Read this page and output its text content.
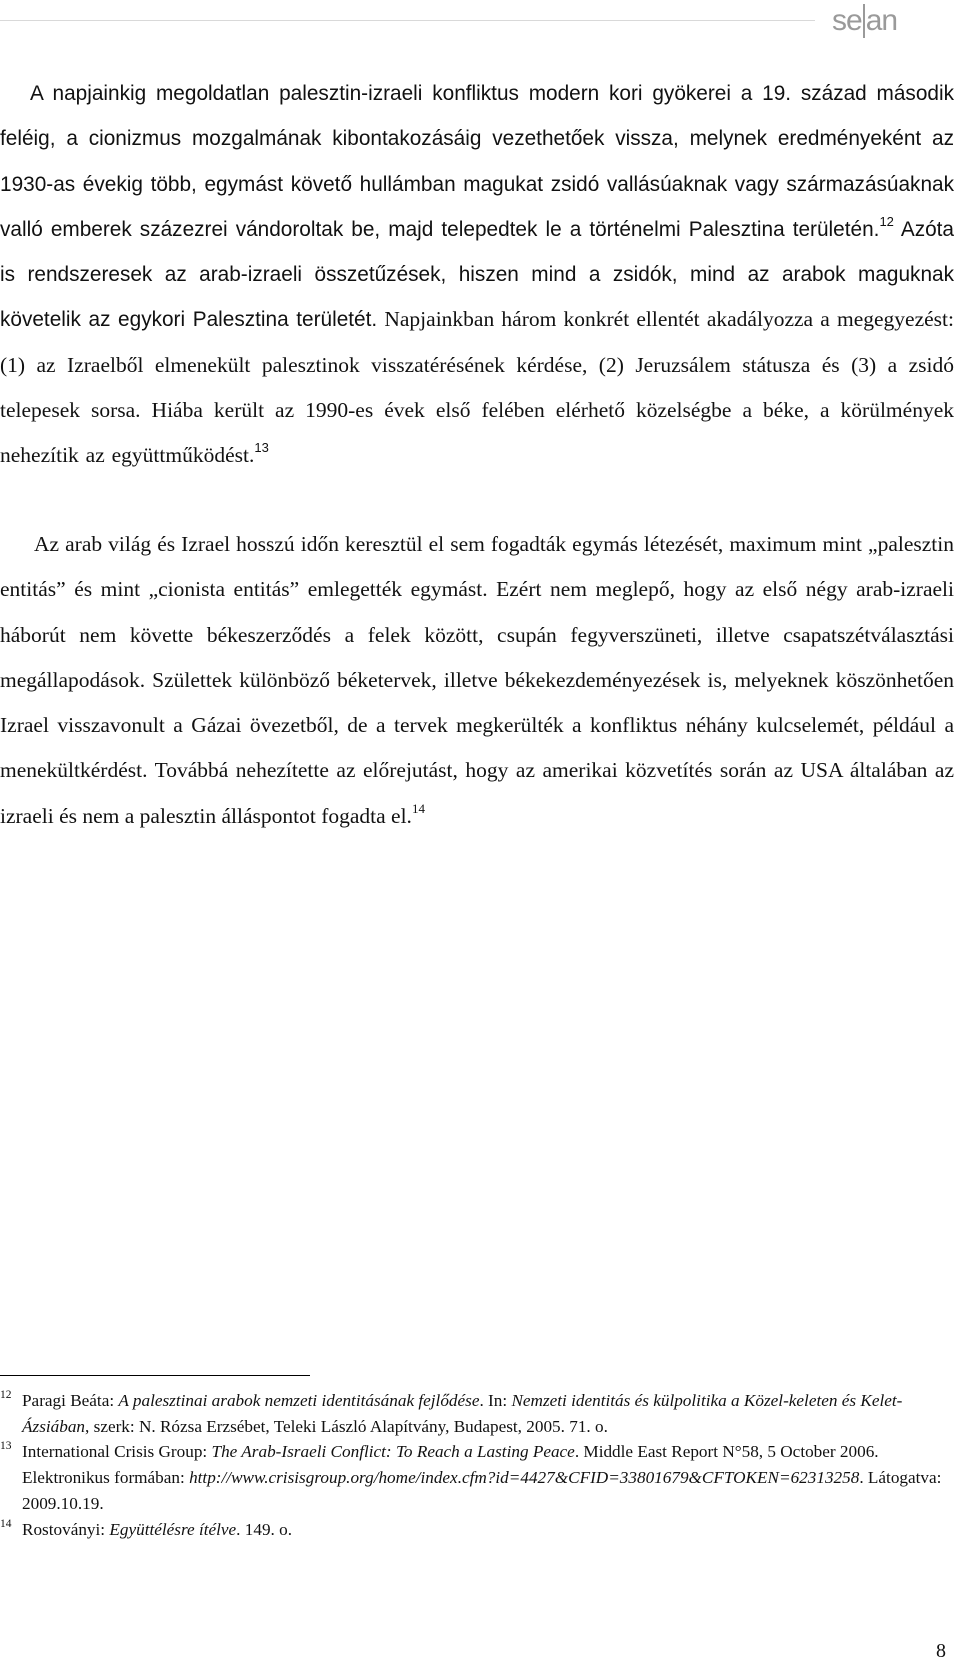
se an

A napjainkig megoldatlan palesztin-izraeli konfliktus modern kori gyökerei a 19. század második feléig, a cionizmus mozgalmának kibontakozásáig vezethetőek vissza, melynek eredményeként az 1930-as évekig több, egymást követő hullámban magukat zsidó vallásúaknak vagy származásúaknak valló emberek százezrei vándoroltak be, majd telepedtek le a történelmi Palesztina területén.$^{12}$ Azóta is rendszeresek az arab-izraeli összetűzések, hiszen mind a zsidók, mind az arabok maguknak követelik az egykori Palesztina területét. Napjainkban három konkrét ellentét akadályozza a megegyezést: (1) az Izraelből elmenekült palesztinok visszatérésének kérdése, (2) Jeruzsálem státusza és (3) a zsidó telepesek sorsa. Hiába került az 1990-es évek első felében elérhető közelségbe a béke, a körülmények nehezítik az együttműködést.$^{13}$

Az arab világ és Izrael hosszú időn keresztül el sem fogadták egymás létezését, maximum mint „palesztin entitás” és mint „cionista entitás” emlegették egymást. Ezért nem meglepő, hogy az első négy arab-izraeli háborút nem követte békeszerződés a felek között, csupán fegyverszüneti, illetve csapatszétválasztási megállapodások. Születtek különböző béketervek, illetve békekezdeményezések is, melyeknek köszönhetően Izrael visszavonult a Gázai övezetből, de a tervek megkerülték a konfliktus néhány kulcselemét, például a menekültkérdést. Továbbá nehezítette az előrejutást, hogy az amerikai közvetítés során az USA általában az izraeli és nem a palesztin álláspontot fogadta el.$^{14}$

12 Paragi Beáta: A palesztinai arabok nemzeti identitásának fejlődése. In: Nemzeti identitás és külpolitika a Közel-keleten és Kelet-Ázsiában, szerk: N. Rózsa Erzsébet, Teleki László Alapítvány, Budapest, 2005. 71. o.
13 International Crisis Group: The Arab-Israeli Conflict: To Reach a Lasting Peace. Middle East Report N°58, 5 October 2006. Elektronikus formában: http://www.crisisgroup.org/home/index.cfm?id=4427&CFID=33801679&CFTOKEN=62313258. Látogatva: 2009.10.19.
14 Rostoványi: Együttélésre ítélve. 149. o.
8
